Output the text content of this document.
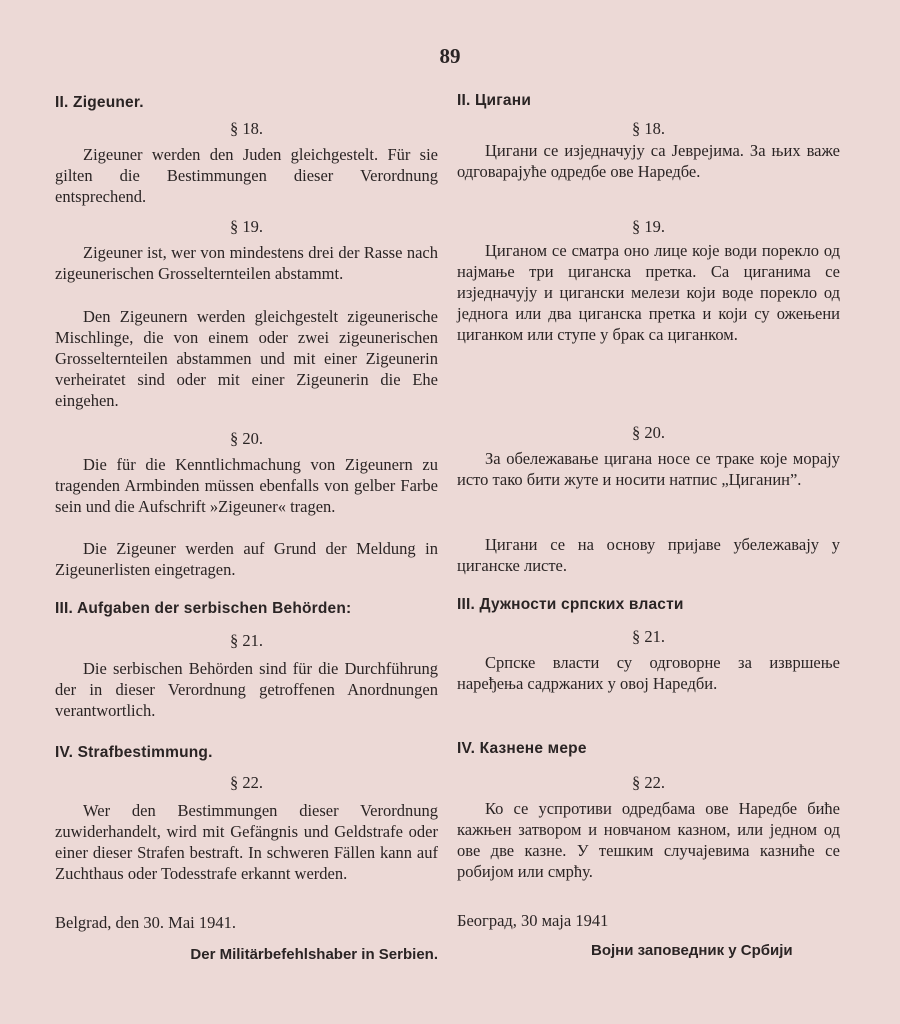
89
II. Zigeuner.
§ 18.
Zigeuner werden den Juden gleichgestelt. Für sie gilten die Bestimmungen dieser Verordnung entsprechend.
§ 19.
Zigeuner ist, wer von mindestens drei der Rasse nach zigeunerischen Grosselternteilen abstammt.
Den Zigeunern werden gleichgestelt zigeunerische Mischlinge, die von einem oder zwei zigeunerischen Grosselternteilen abstammen und mit einer Zigeunerin verheiratet sind oder mit einer Zigeunerin die Ehe eingehen.
§ 20.
Die für die Kenntlichmachung von Zigeunern zu tragenden Armbinden müssen ebenfalls von gelber Farbe sein und die Aufschrift »Zigeuner« tragen.
Die Zigeuner werden auf Grund der Meldung in Zigeunerlisten eingetragen.
III. Aufgaben der serbischen Behörden:
§ 21.
Die serbischen Behörden sind für die Durchführung der in dieser Verordnung getroffenen Anordnungen verantwortlich.
IV. Strafbestimmung.
§ 22.
Wer den Bestimmungen dieser Verordnung zuwiderhandelt, wird mit Gefängnis und Geldstrafe oder einer dieser Strafen bestraft. In schweren Fällen kann auf Zuchthaus oder Todesstrafe erkannt werden.
Belgrad, den 30. Mai 1941.
Der Militärbefehlshaber in Serbien.
II. Цигани
§ 18.
Цигани се изједначују са Јеврејима. За њих важе одговарајуће одредбе ове Наредбе.
§ 19.
Циганом се сматра оно лице које води порекло од најмање три циганска претка. Са циганима се изједначују и цигански мелези који воде порекло од једнога или два циганска претка и који су ожењени циганком или ступе у брак са циганком.
§ 20.
За обележавање цигана носе се траке које морају исто тако бити жуте и носити натпис „Циганин”.
Цигани се на основу пријаве убележавају у циганске листе.
III. Дужности српских власти
§ 21.
Српске власти су одговорне за извршење наређења садржаних у овој Наредби.
IV. Казнене мере
§ 22.
Ко се успротиви одредбама ове Наредбе биће кажњен затвором и новчаном казном, или једном од ове две казне. У тешким случајевима казниће се робијом или смрћу.
Београд, 30 маја 1941
Војни заповедник у Србији
